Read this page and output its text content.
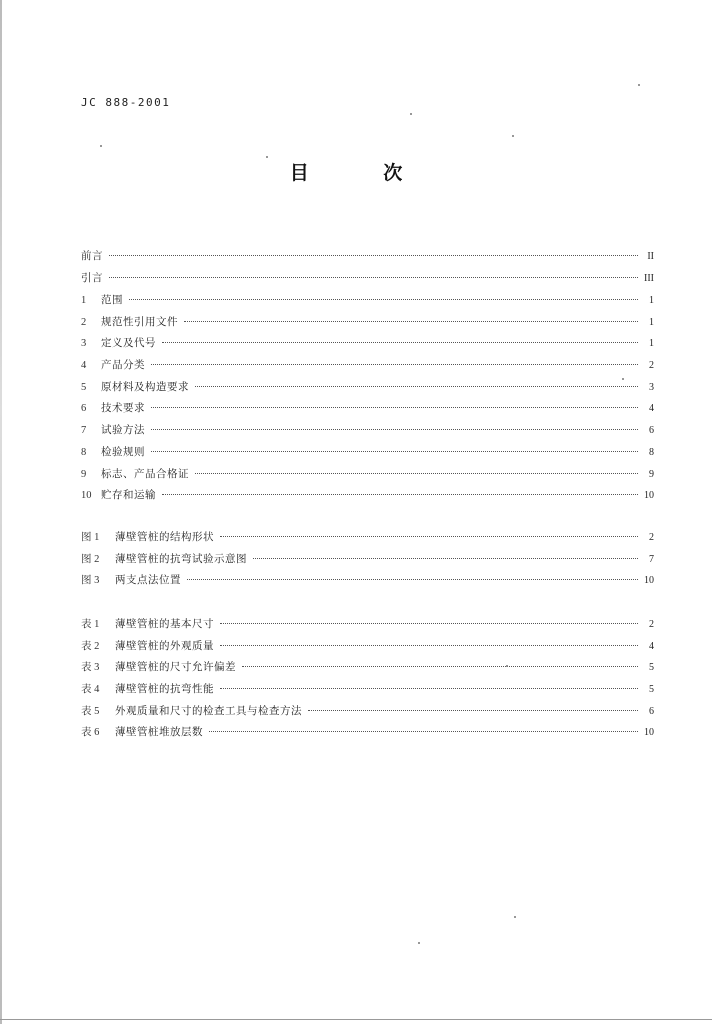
JC 888-2001
目 次
前言	II
引言	III
1	范围	1
2	规范性引用文件	1
3	定义及代号	1
4	产品分类	2
5	原材料及构造要求	3
6	技术要求	4
7	试验方法	6
8	检验规则	8
9	标志、产品合格证	9
10 贮存和运输	10
图 1	薄壁管桩的结构形状	2
图 2	薄壁管桩的抗弯试验示意图	7
图 3	两支点法位置	10
表 1	薄壁管桩的基本尺寸	2
表 2	薄壁管桩的外观质量	4
表 3	薄壁管桩的尺寸允许偏差	5
表 4	薄壁管桩的抗弯性能	5
表 5	外观质量和尺寸的检查工具与检查方法	6
表 6	薄壁管桩堆放层数	10
